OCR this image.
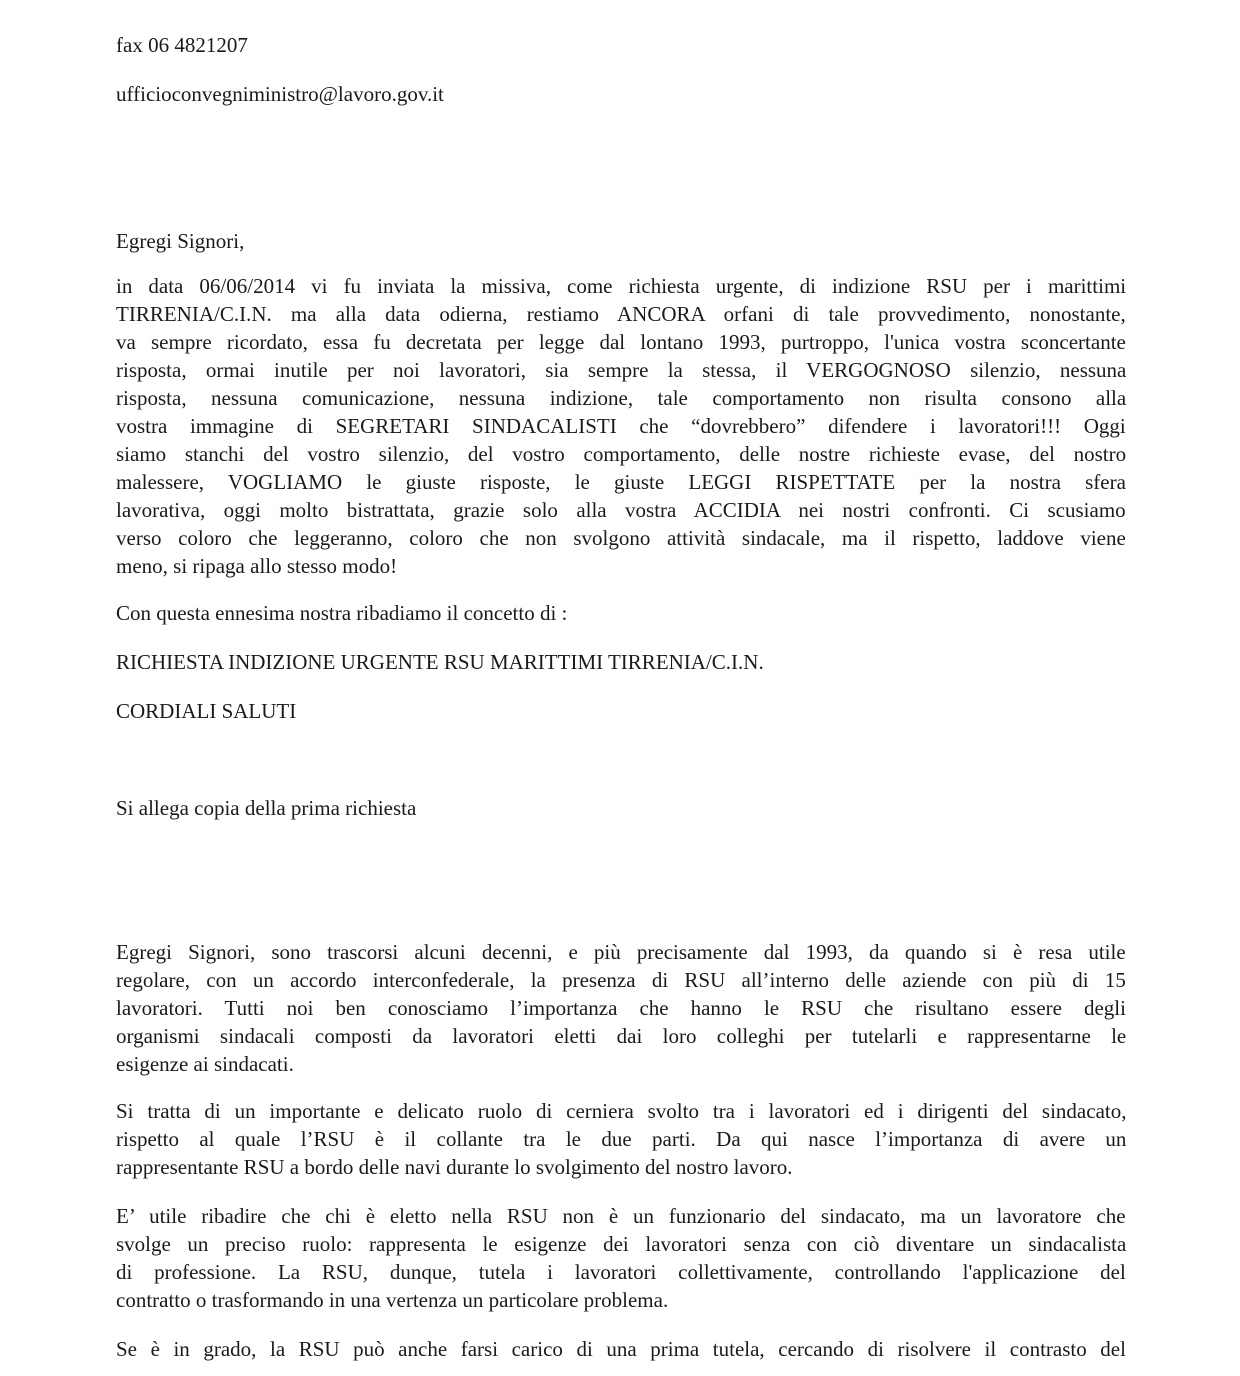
fax 06 4821207
ufficioconvegniministro@lavoro.gov.it
Egregi Signori,
in data 06/06/2014 vi fu inviata la missiva, come richiesta urgente, di indizione RSU per i marittimi
TIRRENIA/C.I.N. ma alla data odierna, restiamo ANCORA orfani di tale provvedimento, nonostante,
va sempre ricordato, essa fu decretata per legge dal lontano 1993, purtroppo, l'unica vostra sconcertante
risposta, ormai inutile per noi lavoratori, sia sempre la stessa, il VERGOGNOSO silenzio, nessuna
risposta, nessuna comunicazione, nessuna indizione, tale comportamento non risulta consono alla
vostra immagine di SEGRETARI SINDACALISTI che “dovrebbero” difendere i lavoratori!!! Oggi
siamo stanchi del vostro silenzio, del vostro comportamento, delle nostre richieste evase, del nostro
malessere, VOGLIAMO le giuste risposte, le giuste LEGGI RISPETTATE per la nostra sfera
lavorativa, oggi molto bistrattata, grazie solo alla vostra ACCIDIA nei nostri confronti. Ci scusiamo
verso coloro che leggeranno, coloro che non svolgono attività sindacale, ma il rispetto, laddove viene
meno, si ripaga allo stesso modo!
Con questa ennesima nostra ribadiamo il concetto di :
RICHIESTA INDIZIONE URGENTE RSU MARITTIMI TIRRENIA/C.I.N.
CORDIALI SALUTI
Si allega copia della prima richiesta
Egregi Signori, sono trascorsi alcuni decenni, e più precisamente dal 1993, da quando si è resa utile
regolare, con un accordo interconfederale, la presenza di RSU all’interno delle aziende con più di 15
lavoratori. Tutti noi ben conosciamo l’importanza che hanno le RSU che risultano essere degli
organismi sindacali composti da lavoratori eletti dai loro colleghi per tutelarli e rappresentarne le
esigenze ai sindacati.
Si tratta di un importante e delicato ruolo di cerniera svolto tra i lavoratori ed i dirigenti del sindacato,
rispetto al quale l’RSU è il collante tra le due parti. Da qui nasce l’importanza di avere un
rappresentante RSU a bordo delle navi durante lo svolgimento del nostro lavoro.
E’ utile ribadire che chi è eletto nella RSU non è un funzionario del sindacato, ma un lavoratore che
svolge un preciso ruolo: rappresenta le esigenze dei lavoratori senza con ciò diventare un sindacalista
di professione. La RSU, dunque, tutela i lavoratori collettivamente, controllando l'applicazione del
contratto o trasformando in una vertenza un particolare problema.
Se è in grado, la RSU può anche farsi carico di una prima tutela, cercando di risolvere il contrasto del
